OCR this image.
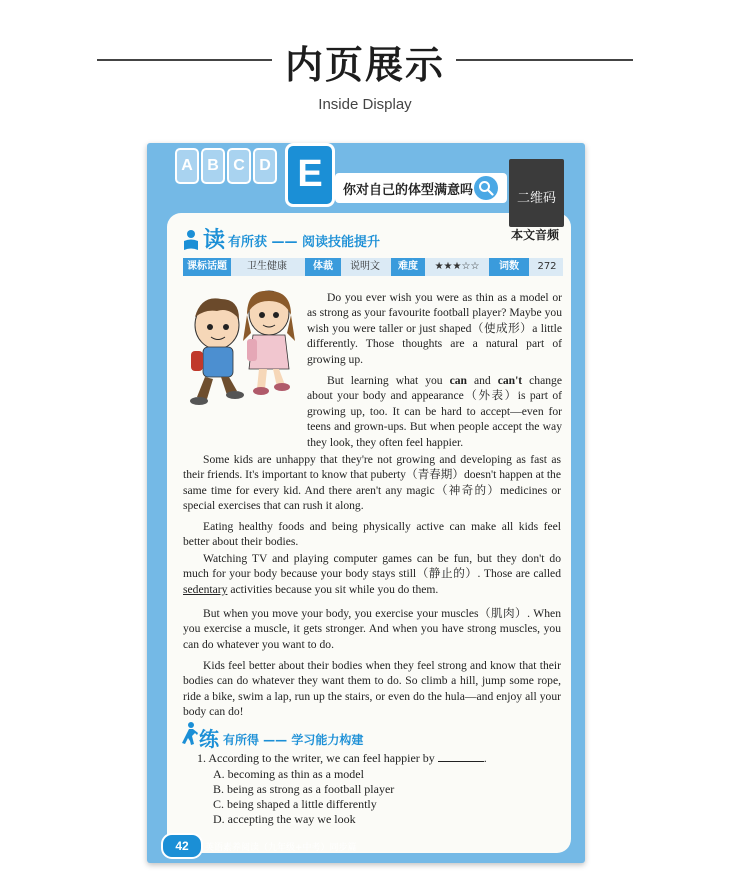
内页展示
Inside Display
A B C D E	你对自己的体型满意吗
二维码
本文音频
读 有所获 —— 阅读技能提升
课标话题	卫生健康	体裁	说明文	难度	★★★☆☆	词数	272

Do you ever wish you were as thin as a model or as strong as your favourite football player? Maybe you wish you were taller or just shaped（使成形）a little differently. Those thoughts are a natural part of growing up.

But learning what you can and can't change about your body and appearance（外表）is part of growing up, too. It can be hard to accept—even for teens and grown-ups. But when people accept the way they look, they often feel happier.

Some kids are unhappy that they're not growing and developing as fast as their friends. It's important to know that puberty（青春期）doesn't happen at the same time for every kid. And there aren't any magic（神奇的）medicines or special exercises that can rush it along.

Eating healthy foods and being physically active can make all kids feel better about their bodies.

Watching TV and playing computer games can be fun, but they don't do much for your body because your body stays still（静止的）. Those are called sedentary activities because you sit while you do them.

But when you move your body, you exercise your muscles（肌肉）. When you exercise a muscle, it gets stronger. And when you have strong muscles, you can do whatever you want to do.

Kids feel better about their bodies when they feel strong and know that their bodies can do whatever they want them to do. So climb a hill, jump some rope, ride a bike, swim a lap, run up the stairs, or even do the hula—and enjoy all your body can do!

练 有所得 —— 学习能力构建
1. According to the writer, we can feel happier by	.
A. becoming as thin as a model
B. being as strong as a football player
C. being shaped a little differently
D. accepting the way we look
42	英语素养阅读（九年级+中考）同步篇
